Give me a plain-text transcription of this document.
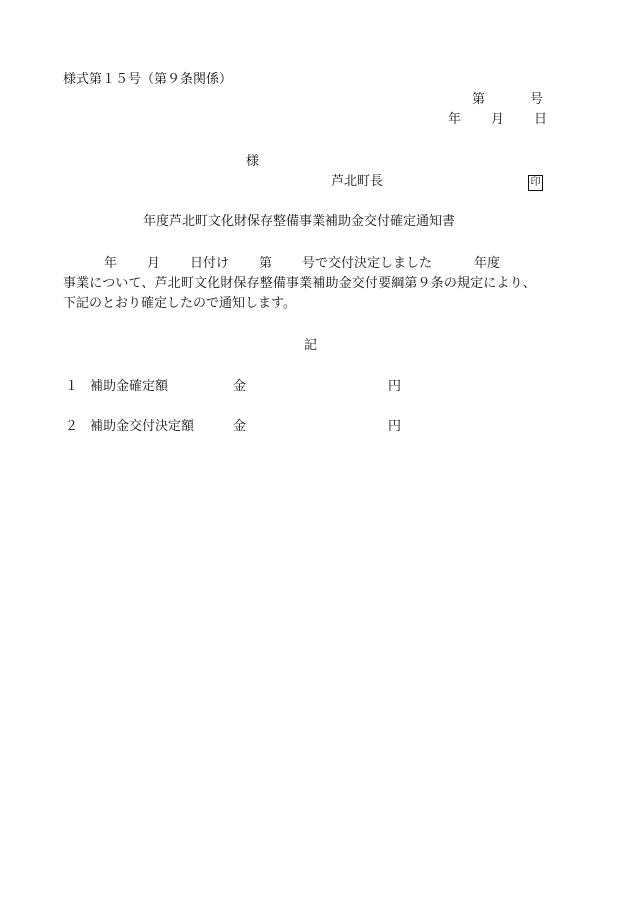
様式第１５号（第９条関係）
第	号
年 月 日
様
芦北町長	印
年度芦北町文化財保存整備事業補助金交付確定通知書
年 月 日付け 第 号で交付決定しました	年度
事業について、芦北町文化財保存整備事業補助金交付要綱第９条の規定により、
下記のとおり確定したので通知します。
記
１ 補助金確定額	金	円
２ 補助金交付決定額	金	円
